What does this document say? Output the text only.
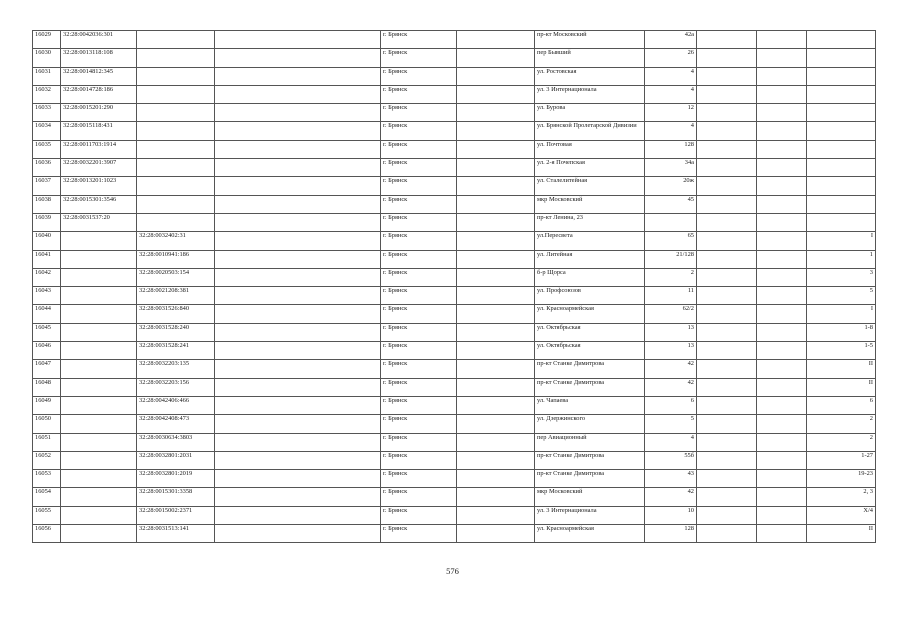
16029	32:28:0042036:301			г. Брянск		пр-кт Московский	42а			
16030	32:28:0013118:108			г. Брянск		пер Бывший	26			
16031	32:28:0014812:345			г. Брянск		ул. Ростовская	4			
16032	32:28:0014728:186			г. Брянск		ул. 3 Интернационала	4			
16033	32:28:0015201:290			г. Брянск		ул. Бурова	12			
16034	32:28:0015118:431			г. Брянск		ул. Брянской Пролетарской Дивизии	4			
16035	32:28:0011703:1914			г. Брянск		ул. Почтовая	128			
16036	32:28:0032201:3907			г. Брянск		ул. 2-я Почепская	34а			
16037	32:28:0013201:1023			г. Брянск		ул. Сталелитейная	20ж			
16038	32:28:0015301:3546			г. Брянск		мкр Московский	45			
16039	32:28:0031537:20			г. Брянск		пр-кт Ленина, 23				
16040		32:28:0032402:31		г. Брянск		ул.Пересвета	65			I
16041		32:28:0010941:186		г. Брянск		ул. Литейная	21/128			1
16042		32:28:0020503:154		г. Брянск		б-р Щорса	2			3
16043		32:28:0021208:381		г. Брянск		ул. Профсоюзов	11			5
16044		32:28:0031526:840		г. Брянск		ул. Красноармейская	62/2			I
16045		32:28:0031528:240		г. Брянск		ул. Октябрьская	13			1-8
16046		32:28:0031528:241		г. Брянск		ул. Октябрьская	13			1-5
16047		32:28:0032203:135		г. Брянск		пр-кт Станке Димитрова	42			II
16048		32:28:0032203:156		г. Брянск		пр-кт Станке Димитрова	42			II
16049		32:28:0042406:466		г. Брянск		ул. Чапаева	6			6
16050		32:28:0042408:473		г. Брянск		ул. Дзержинского	5			2
16051		32:28:0030634:3803		г. Брянск		пер Авиационный	4			2
16052		32:28:0032801:2031		г. Брянск		пр-кт Станке Димитрова	55б			1-27
16053		32:28:0032801:2019		г. Брянск		пр-кт Станке Димитрова	43			19-23
16054		32:28:0015301:3358		г. Брянск		мкр Московский	42			2, 3
16055		32:28:0015002:2371		г. Брянск		ул. 3 Интернационала	10			X/4
16056		32:28:0031513:141		г. Брянск		ул. Красноармейская	128			II
576
